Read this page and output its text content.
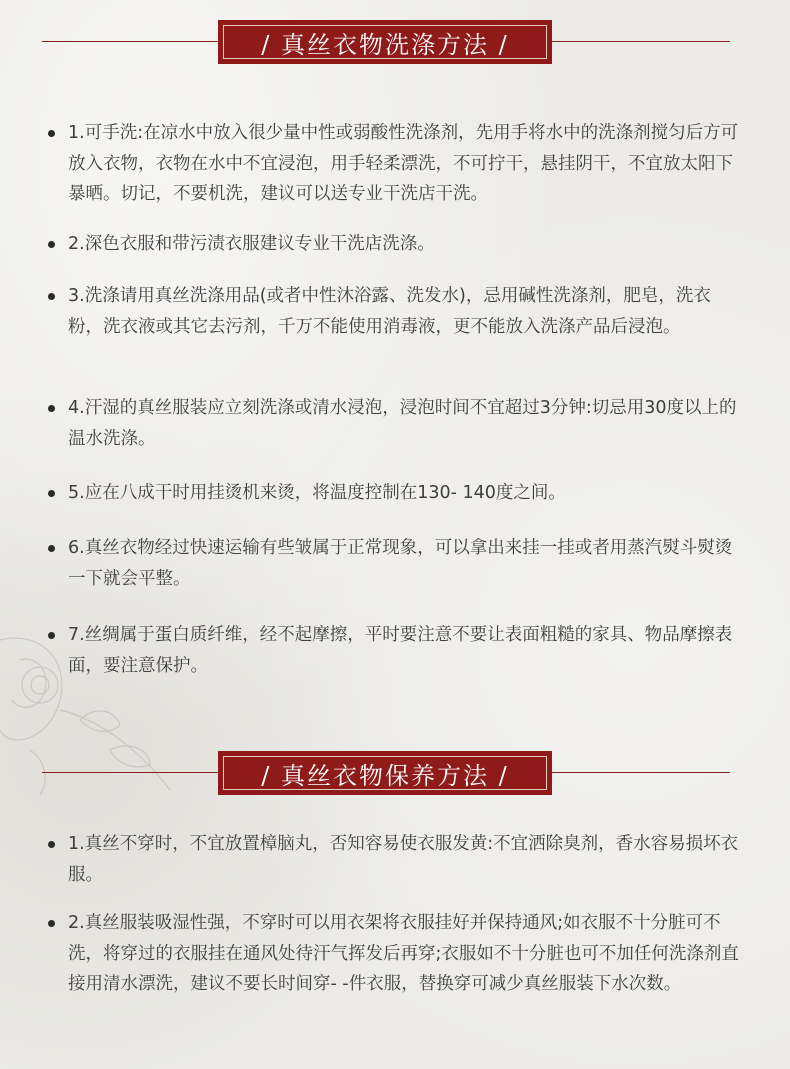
/ 真丝衣物洗涤方法 /
1.可手洗:在凉水中放入很少量中性或弱酸性洗涤剂，先用手将水中的洗涤剂搅匀后方可放入衣物，衣物在水中不宜浸泡，用手轻柔漂洗，不可拧干，悬挂阴干，不宜放太阳下暴晒。切记，不要机洗，建议可以送专业干洗店干洗。
2.深色衣服和带污渍衣服建议专业干洗店洗涤。
3.洗涤请用真丝洗涤用品(或者中性沐浴露、洗发水)，忌用碱性洗涤剂，肥皂，洗衣粉，洗衣液或其它去污剂，千万不能使用消毒液，更不能放入洗涤产品后浸泡。
4.汗湿的真丝服装应立刻洗涤或清水浸泡，浸泡时间不宜超过3分钟:切忌用30度以上的温水洗涤。
5.应在八成干时用挂烫机来烫，将温度控制在130- 140度之间。
6.真丝衣物经过快速运输有些皱属于正常现象，可以拿出来挂一挂或者用蒸汽熨斗熨烫一下就会平整。
7.丝绸属于蛋白质纤维，经不起摩擦，平时要注意不要让表面粗糙的家具、物品摩擦表面，要注意保护。
/ 真丝衣物保养方法 /
1.真丝不穿时，不宜放置樟脑丸，否知容易使衣服发黄:不宜洒除臭剂，香水容易损坏衣服。
2.真丝服装吸湿性强，不穿时可以用衣架将衣服挂好并保持通风;如衣服不十分脏可不洗，将穿过的衣服挂在通风处待汗气挥发后再穿;衣服如不十分脏也可不加任何洗涤剂直接用清水漂洗，建议不要长时间穿- -件衣服，替换穿可减少真丝服装下水次数。
